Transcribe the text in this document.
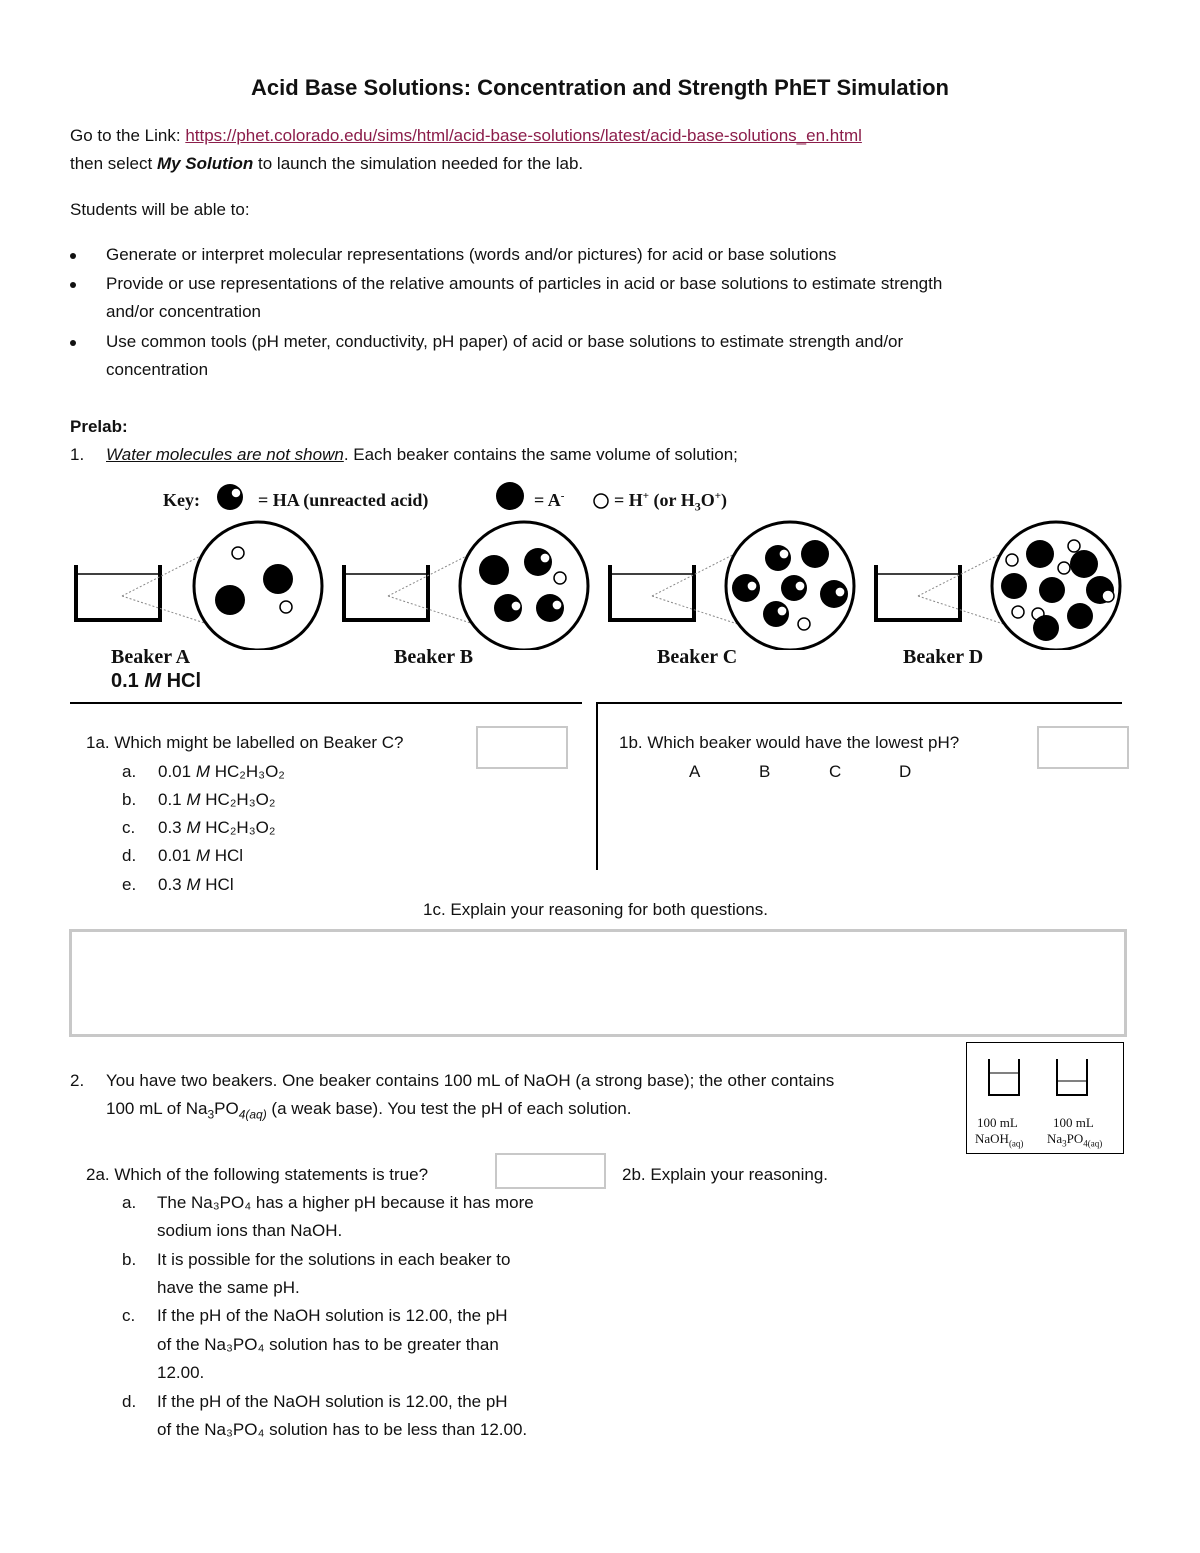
Acid Base Solutions: Concentration and Strength PhET Simulation
Go to the Link: https://phet.colorado.edu/sims/html/acid-base-solutions/latest/acid-base-solutions_en.html
then select My Solution to launch the simulation needed for the lab.
Students will be able to:
Generate or interpret molecular representations (words and/or pictures) for acid or base solutions
Provide or use representations of the relative amounts of particles in acid or base solutions to estimate strength
and/or concentration
Use common tools (pH meter, conductivity, pH paper) of acid or base solutions to estimate strength and/or
concentration
Prelab:
1. Water molecules are not shown. Each beaker contains the same volume of solution;
Key:	= HA (unreacted acid)	= A-	= H+ (or $H_3O^+$)
Beaker A
0.1 M HCl
Beaker B	Beaker C	Beaker D
1a. Which might be labelled on Beaker C?
a. 0.01 M HC₂H₃O₂
b. 0.1 M HC₂H₃O₂
c. 0.3 M HC₂H₃O₂
d. 0.01 M HCl
e. 0.3 M HCl
1b. Which beaker would have the lowest pH?
A	B	C	D
1c. Explain your reasoning for both questions.
2. You have two beakers. One beaker contains 100 mL of NaOH (a strong base); the other contains
100 mL of $Na_3PO_{4(aq)}$ (a weak base). You test the pH of each solution.
100 mL
NaOH$_{(aq)}$
100 mL
$Na_3PO_{4(aq)}$
2a. Which of the following statements is true?
a. The Na₃PO₄ has a higher pH because it has more
sodium ions than NaOH.
b. It is possible for the solutions in each beaker to
have the same pH.
c. If the pH of the NaOH solution is 12.00, the pH
of the Na₃PO₄ solution has to be greater than
12.00.
d. If the pH of the NaOH solution is 12.00, the pH
of the Na₃PO₄ solution has to be less than 12.00.
2b. Explain your reasoning.
